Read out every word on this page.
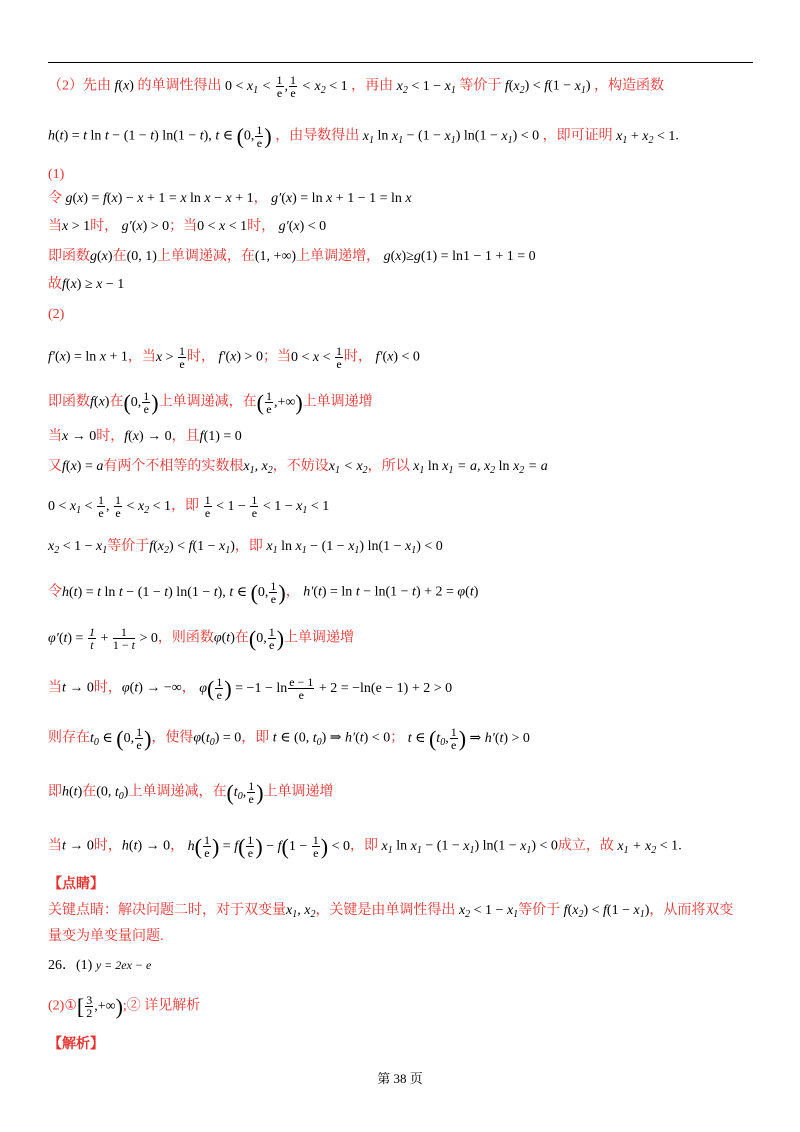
（2）先由 f(x) 的单调性得出 $0 < x_1 < \frac{1}{e}$ , $\frac{1}{e} < x_2 < 1$ ，再由 $x_2 < 1 - x_1$ 等价于 $f(x_2) < f(1 - x_1)$ ，构造函数
h(t) = t ln t − (1 − t) ln(1 − t), t ∈ (0, $\frac{1}{e}$ ) ，由导数得出 $x_1$ $\ln x_1 - (1 - x_1) \ln(1 - x_1) < 0$ ，即可证明 $x_1 + x_2 < 1$.
(1)
令 g(x) = f(x) − x + 1 = x ln x − x + 1， g′(x) = ln x + 1 − 1 = ln x
当x > 1时， g′(x) > 0；当0 < x < 1时， g′(x) < 0
即函数g(x)在(0, 1)上单调递减，在(1, +∞)上单调递增， g(x)≥g(1) = ln1 − 1 + 1 = 0
故f(x) ≥ x − 1
(2)
f′(x) = ln x + 1，当$x > \frac{1}{e}$ 时， f′(x) > 0；当$0 < x < \frac{1}{e}$ 时， f′(x) < 0
即函数f(x)在(0, $\frac{1}{e}$ )上单调递减，在( $\frac{1}{e}$ ,+∞)上单调递增
当x → 0时，f(x) → 0，且f(1) = 0
又f(x) = a有两个不相等的实数根$x_1$, $x_2$，不妨设$x_1 < x_2$，所以 $x_1$ $\ln x_1 = a$, $x_2$ $\ln x_2 = a$
$0 < x_1 < \frac{1}{e}$ , $\frac{1}{e} < x_2 < 1$，即 $\frac{1}{e} < 1 - \frac{1}{e} < 1 - x_1 < 1$
$x_2 < 1 - x_1$等价于$f(x_2) < f(1 - x_1)$，即 $x_1$ $\ln x_1 - (1 - x_1) \ln(1 - x_1) < 0$
令h(t) = t ln t − (1 − t) ln(1 − t), t ∈ (0, $\frac{1}{e}$ )， h′(t) = ln t − ln(1 − t) + 2 = φ(t)
$\varphi'(t) = \frac{1}{t} + \frac{1}{1 - t} > 0$，则函数φ(t)在(0, $\frac{1}{e}$ )上单调递增
当t → 0时，φ(t) → −∞， $\varphi( \frac{1}{e}$ ) = $-1 - \ln \frac{e - 1}{e} + 2 = -\ln(e - 1) + 2 > 0$
则存在$t_0$ ∈ (0, $\frac{1}{e}$ )，使得$\varphi(t_0) = 0$，即 t ∈ (0, $t_0$) ⇒ h′(t) < 0； t ∈ ($t_0$, $\frac{1}{e}$ ) ⇒ h′(t) > 0
即h(t)在(0, $t_0$)上单调递减，在($t_0$, $\frac{1}{e}$ )上单调递增
当t → 0时，h(t) → 0， $h( \frac{1}{e}$ ) = $f( \frac{1}{e}$ ) − $f(1 - \frac{1}{e}$ ) < 0，即 $x_1$ $\ln x_1 - (1 - x_1) \ln(1 - x_1) < 0$成立，故 $x_1 + x_2 < 1$.
【点睛】
关键点睛：解决问题二时，对于双变量$x_1$, $x_2$，关键是由单调性得出 $x_2 < 1 - x_1$等价于 $f(x_2) < f(1 - x_1)$，从而将双变
量变为单变量问题.
26．(1) y = 2ex − e
(2)①[ $\frac{3}{2}$ ,+∞);② 详见解析
【解析】
第 38 页
